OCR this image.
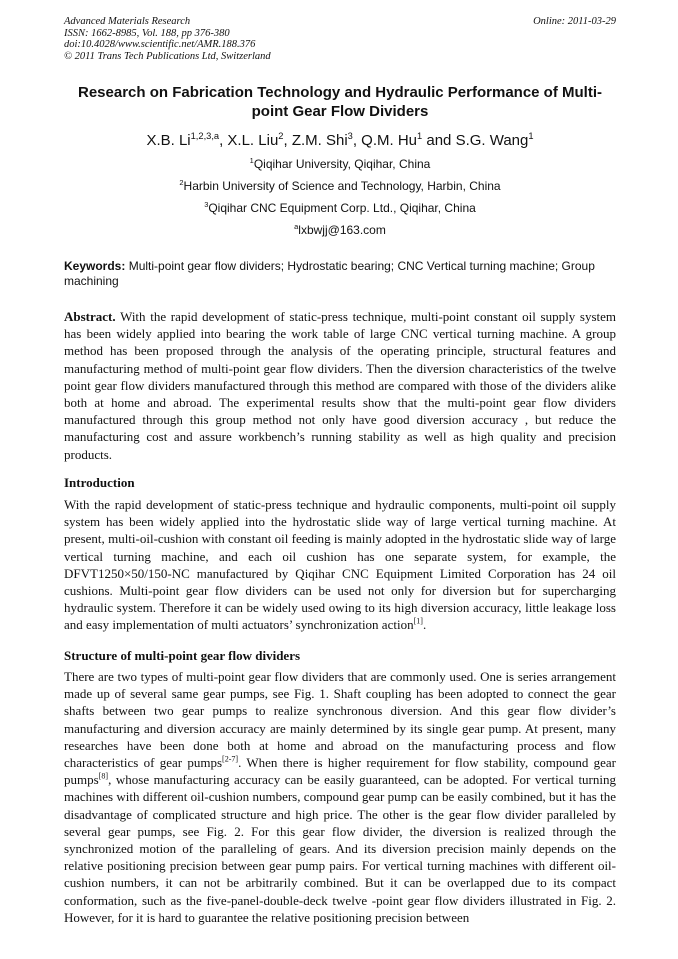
Advanced Materials Research
ISSN: 1662-8985, Vol. 188, pp 376-380
doi:10.4028/www.scientific.net/AMR.188.376
© 2011 Trans Tech Publications Ltd, Switzerland
Online: 2011-03-29
Research on Fabrication Technology and Hydraulic Performance of Multi-point Gear Flow Dividers
X.B. Li$^{1,2,3,a}$, X.L. Liu$^2$, Z.M. Shi$^3$, Q.M. Hu$^1$ and S.G. Wang$^1$
$^1$Qiqihar University, Qiqihar, China
$^2$Harbin University of Science and Technology, Harbin, China
$^3$Qiqihar CNC Equipment Corp. Ltd., Qiqihar, China
$^a$lxbwjj@163.com
Keywords: Multi-point gear flow dividers; Hydrostatic bearing; CNC Vertical turning machine; Group machining
Abstract. With the rapid development of static-press technique, multi-point constant oil supply system has been widely applied into bearing the work table of large CNC vertical turning machine. A group method has been proposed through the analysis of the operating principle, structural features and manufacturing method of multi-point gear flow dividers. Then the diversion characteristics of the twelve point gear flow dividers manufactured through this method are compared with those of the dividers alike both at home and abroad. The experimental results show that the multi-point gear flow dividers manufactured through this group method not only have good diversion accuracy , but reduce the manufacturing cost and assure workbench’s running stability as well as high quality and precision products.
Introduction
With the rapid development of static-press technique and hydraulic components, multi-point oil supply system has been widely applied into the hydrostatic slide way of large vertical turning machine. At present, multi-oil-cushion with constant oil feeding is mainly adopted in the hydrostatic slide way of large vertical turning machine, and each oil cushion has one separate system, for example, the DFVT1250×50/150-NC manufactured by Qiqihar CNC Equipment Limited Corporation has 24 oil cushions. Multi-point gear flow dividers can be used not only for diversion but for supercharging hydraulic system. Therefore it can be widely used owing to its high diversion accuracy, little leakage loss and easy implementation of multi actuators’ synchronization action[1].
Structure of multi-point gear flow dividers
There are two types of multi-point gear flow dividers that are commonly used. One is series arrangement made up of several same gear pumps, see Fig. 1. Shaft coupling has been adopted to connect the gear shafts between two gear pumps to realize synchronous diversion. And this gear flow divider’s manufacturing and diversion accuracy are mainly determined by its single gear pump. At present, many researches have been done both at home and abroad on the manufacturing process and flow characteristics of gear pumps[2-7]. When there is higher requirement for flow stability, compound gear pumps[8], whose manufacturing accuracy can be easily guaranteed, can be adopted. For vertical turning machines with different oil-cushion numbers, compound gear pump can be easily combined, but it has the disadvantage of complicated structure and high price. The other is the gear flow divider paralleled by several gear pumps, see Fig. 2. For this gear flow divider, the diversion is realized through the synchronized motion of the paralleling of gears. And its diversion precision mainly depends on the relative positioning precision between gear pump pairs. For vertical turning machines with different oil-cushion numbers, it can not be arbitrarily combined. But it can be overlapped due to its compact conformation, such as the five-panel-double-deck twelve -point gear flow dividers illustrated in Fig. 2. However, for it is hard to guarantee the relative positioning precision between
